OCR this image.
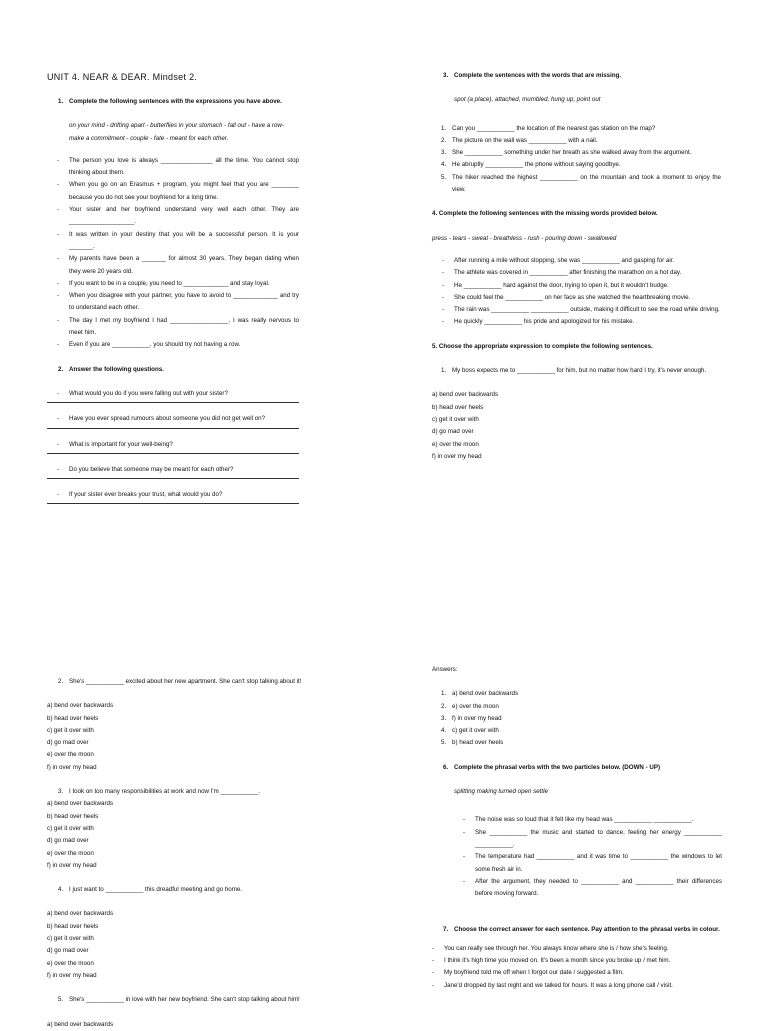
UNIT 4. NEAR & DEAR. Mindset 2.
1. Complete the following sentences with the expressions you have above.
on your mind - drifting apart - butterflies in your stomach - fall out - have a row- make a commitment - couple - fate - meant for each other.
-	The person you love is always _______________ all the time. You cannot stop thinking about them.
-	When you go on an Erasmus + program, you might feel that you are ________ because you do not see your boyfriend for a long time.
-	Your sister and her boyfriend understand very well each other. They are ___________________.
-	It was written in your destiny that you will be a successful person. It is your _______.
-	My parents have been a _______ for almost 30 years. They began dating when they were 20 years old.
-	If you want to be in a couple, you need to _____________ and stay loyal.
-	When you disagree with your partner, you have to avoid to _____________ and try to understand each other.
-	The day I met my boyfriend I had _________________. I was really nervous to meet him.
-	Even if you are ___________, you should try not having a row.
2. Answer the following questions.
-	What would you do if you were falling out with your sister?
-	Have you ever spread rumours about someone you did not get well on?
-	What is important for your well-being?
-	Do you believe that someone may be meant for each other?
-	If your sister ever breaks your trust, what would you do?
3. Complete the sentences with the words that are missing.
spot (a place), attached, mumbled, hung up, point out
1. Can you ___________ the location of the nearest gas station on the map?
2. The picture on the wall was ___________ with a nail.
3. She ___________ something under her breath as she walked away from the argument.
4. He abruptly ___________ the phone without saying goodbye.
5. The hiker reached the highest ___________ on the mountain and took a moment to enjoy the view.
4. Complete the following sentences with the missing words provided below.
press - tears - sweat - breathless - rush - pouring down - swallowed
-	After running a mile without stopping, she was ___________ and gasping for air.
-	The athlete was covered in ___________ after finishing the marathon on a hot day.
-	He ___________ hard against the door, trying to open it, but it wouldn't budge.
-	She could feel the ___________ on her face as she watched the heartbreaking movie.
-	The rain was ___________ ___________ outside, making it difficult to see the road while driving.
-	He quickly ___________ his pride and apologized for his mistake.
5. Choose the appropriate expression to complete the following sentences.
1. My boss expects me to ___________ for him, but no matter how hard I try, it's never enough.
a) bend over backwards
b) head over heels
c) get it over with
d) go mad over
e) over the moon
f) in over my head
2. She's ___________ excited about her new apartment. She can't stop talking about it!
a) bend over backwards
b) head over heels
c) get it over with
d) go mad over
e) over the moon
f) in over my head
3. I took on too many responsibilities at work and now I'm ___________.
a) bend over backwards
b) head over heels
c) get it over with
d) go mad over
e) over the moon
f) in over my head
4. I just want to ___________ this dreadful meeting and go home.
a) bend over backwards
b) head over heels
c) get it over with
d) go mad over
e) over the moon
f) in over my head
5. She's ___________ in love with her new boyfriend. She can't stop talking about him!
a) bend over backwards
Answers:
1. a) bend over backwards
2. e) over the moon
3. f) in over my head
4. c) get it over with
5. b) head over heels
6. Complete the phrasal verbs with the two particles below. (DOWN - UP)
splitting making turned open settle
-	The noise was so loud that it felt like my head was ___________ ___________.
-	She ___________ the music and started to dance, feeling her energy ___________ ___________.
-	The temperature had ___________ and it was time to ___________ the windows to let some fresh air in.
-	After the argument, they needed to ___________ and ___________ their differences before moving forward.
7. Choose the correct answer for each sentence. Pay attention to the phrasal verbs in colour.
-	You can really see through her. You always know where she is / how she's feeling.
-	I think it's high time you moved on. It's been a month since you broke up / met him.
-	My boyfriend told me off when I forgot our date / suggested a film.
-	Jane'd dropped by last night and we talked for hours. It was a long phone call / visit.
